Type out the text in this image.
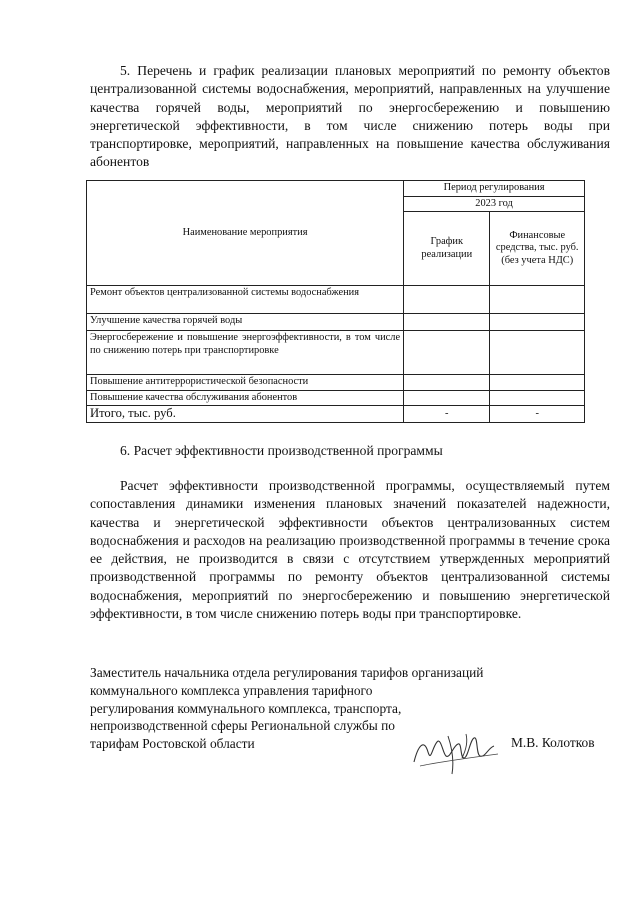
5. Перечень и график реализации плановых мероприятий по ремонту объектов централизованной системы водоснабжения, мероприятий, направленных на улучшение качества горячей воды, мероприятий по энергосбережению и повышению энергетической эффективности, в том числе снижению потерь воды при транспортировке, мероприятий, направленных на повышение качества обслуживания абонентов

Наименование мероприятия	Период регулирования	
	2023 год	
	График реализации	Финансовые средства, тыс. руб. (без учета НДС)
Ремонт объектов централизованной системы водоснабжения		
Улучшение качества горячей воды		
Энергосбережение и повышение энергоэффективности, в том числе по снижению потерь при транспортировке		
Повышение антитеррористической безопасности		
Повышение качества обслуживания абонентов		
Итого, тыс. руб.	-	-
6. Расчет эффективности производственной программы

Расчет эффективности производственной программы, осуществляемый путем сопоставления динамики изменения плановых значений показателей надежности, качества и энергетической эффективности объектов централизованных систем водоснабжения и расходов на реализацию производственной программы в течение срока ее действия, не производится в связи с отсутствием утвержденных мероприятий производственной программы по ремонту объектов централизованной системы водоснабжения, мероприятий по энергосбережению и повышению энергетической эффективности, в том числе снижению потерь воды при транспортировке.

Заместитель начальника отдела регулирования тарифов организаций
коммунального комплекса управления тарифного
регулирования коммунального комплекса, транспорта,
непроизводственной сферы Региональной службы по
тарифам Ростовской области	М.В. Колотков
